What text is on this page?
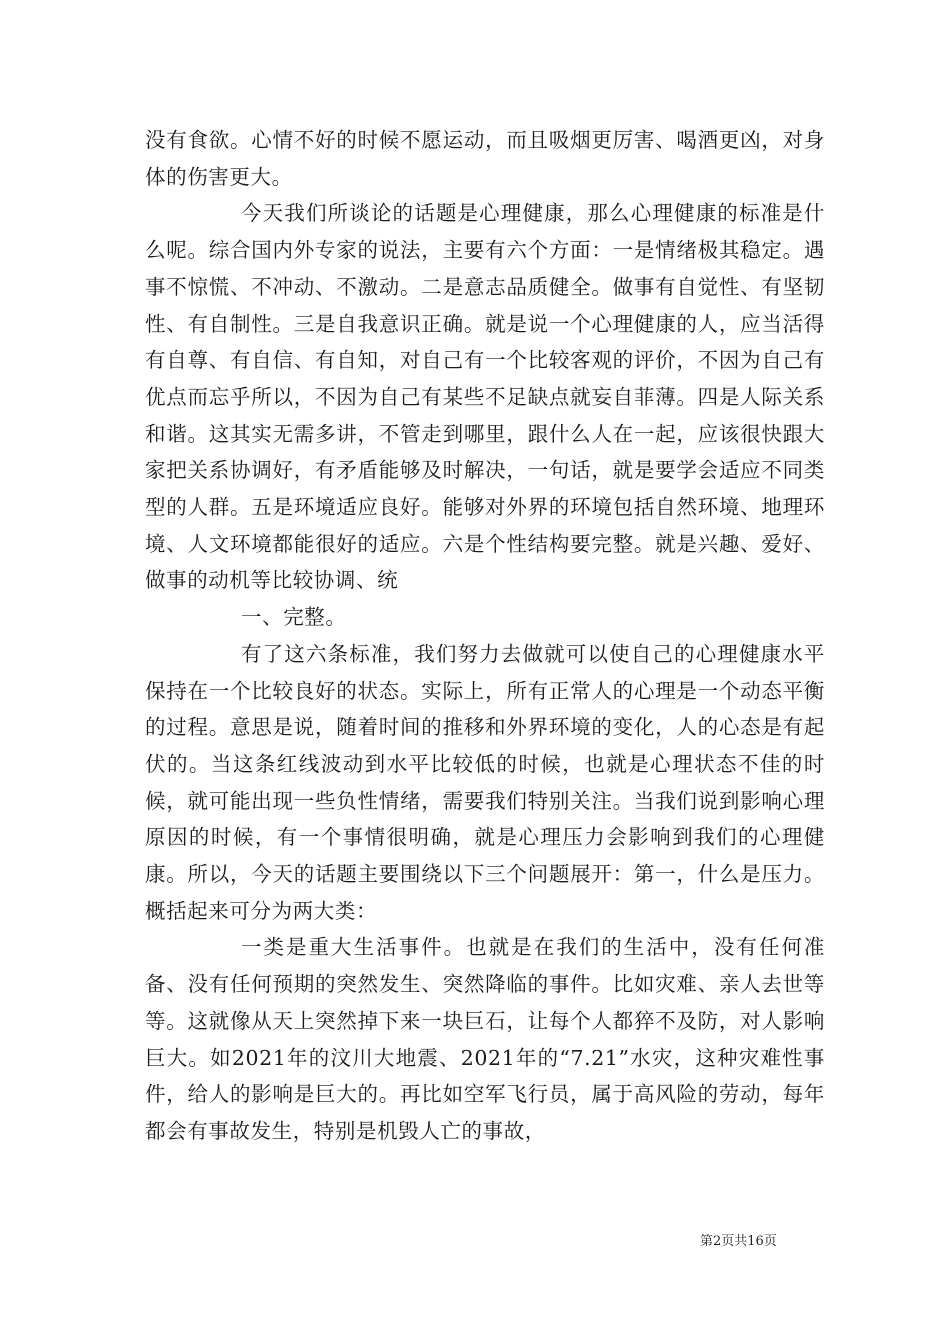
没有食欲。心情不好的时候不愿运动，而且吸烟更厉害、喝酒更凶，对身体的伤害更大。

今天我们所谈论的话题是心理健康，那么心理健康的标准是什么呢。综合国内外专家的说法，主要有六个方面：一是情绪极其稳定。遇事不惊慌、不冲动、不激动。二是意志品质健全。做事有自觉性、有坚韧性、有自制性。三是自我意识正确。就是说一个心理健康的人，应当活得有自尊、有自信、有自知，对自己有一个比较客观的评价，不因为自己有优点而忘乎所以，不因为自己有某些不足缺点就妄自菲薄。四是人际关系和谐。这其实无需多讲，不管走到哪里，跟什么人在一起，应该很快跟大家把关系协调好，有矛盾能够及时解决，一句话，就是要学会适应不同类型的人群。五是环境适应良好。能够对外界的环境包括自然环境、地理环境、人文环境都能很好的适应。六是个性结构要完整。就是兴趣、爱好、做事的动机等比较协调、统

一、完整。

有了这六条标准，我们努力去做就可以使自己的心理健康水平保持在一个比较良好的状态。实际上，所有正常人的心理是一个动态平衡的过程。意思是说，随着时间的推移和外界环境的变化，人的心态是有起伏的。当这条红线波动到水平比较低的时候，也就是心理状态不佳的时候，就可能出现一些负性情绪，需要我们特别关注。当我们说到影响心理原因的时候，有一个事情很明确，就是心理压力会影响到我们的心理健康。所以，今天的话题主要围绕以下三个问题展开：第一，什么是压力。概括起来可分为两大类：

一类是重大生活事件。也就是在我们的生活中，没有任何准备、没有任何预期的突然发生、突然降临的事件。比如灾难、亲人去世等等。这就像从天上突然掉下来一块巨石，让每个人都猝不及防，对人影响巨大。如2021年的汶川大地震、2021年的“7.21”水灾，这种灾难性事件，给人的影响是巨大的。再比如空军飞行员，属于高风险的劳动，每年都会有事故发生，特别是机毁人亡的事故，

第2页共16页
